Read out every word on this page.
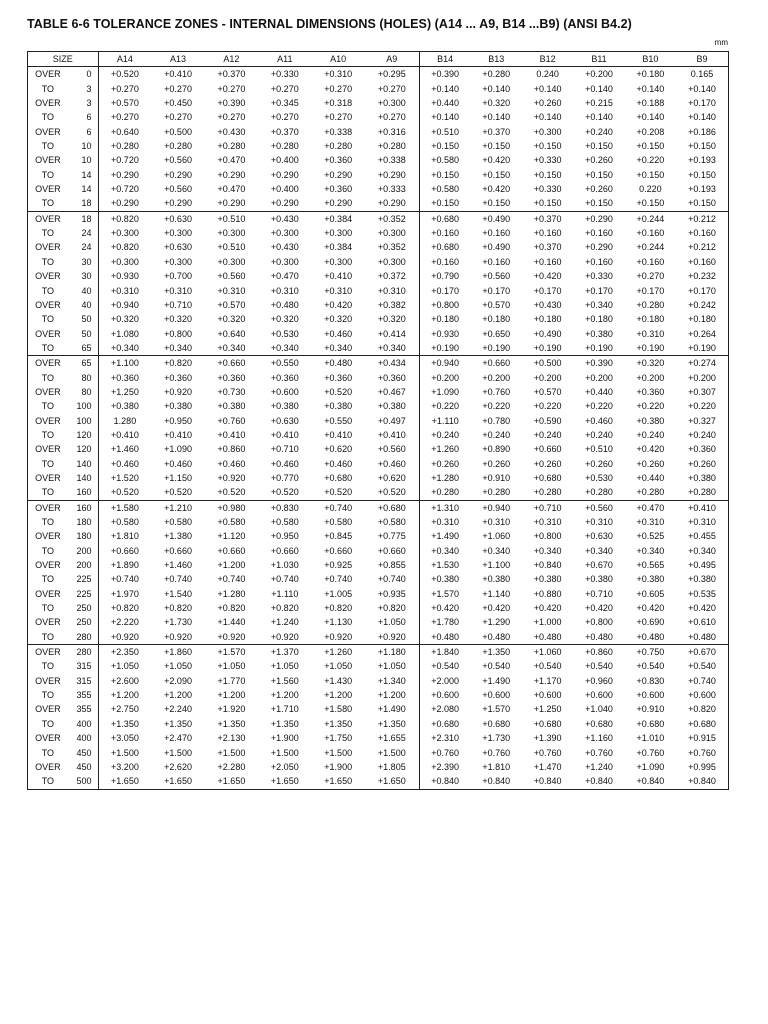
TABLE 6-6 TOLERANCE ZONES - INTERNAL DIMENSIONS (HOLES) (A14 ... A9, B14 ...B9) (ANSI B4.2)
mm
SIZE		A14	A13	A12	A11	A10	A9	B14	B13	B12	B11	B10	B9
OVER	0	+0.520	+0.410	+0.370	+0.330	+0.310	+0.295	+0.390	+0.280	0.240	+0.200	+0.180	0.165
TO	3	+0.270	+0.270	+0.270	+0.270	+0.270	+0.270	+0.140	+0.140	+0.140	+0.140	+0.140	+0.140
OVER	3	+0.570	+0.450	+0.390	+0.345	+0.318	+0.300	+0.440	+0.320	+0.260	+0.215	+0.188	+0.170
TO	6	+0.270	+0.270	+0.270	+0.270	+0.270	+0.270	+0.140	+0.140	+0.140	+0.140	+0.140	+0.140
OVER	6	+0.640	+0.500	+0.430	+0.370	+0.338	+0.316	+0.510	+0.370	+0.300	+0.240	+0.208	+0.186
TO	10	+0.280	+0.280	+0.280	+0.280	+0.280	+0.280	+0.150	+0.150	+0.150	+0.150	+0.150	+0.150
OVER	10	+0.720	+0.560	+0.470	+0.400	+0.360	+0.338	+0.580	+0.420	+0.330	+0.260	+0.220	+0.193
TO	14	+0.290	+0.290	+0.290	+0.290	+0.290	+0.290	+0.150	+0.150	+0.150	+0.150	+0.150	+0.150
OVER	14	+0.720	+0.560	+0.470	+0.400	+0.360	+0.333	+0.580	+0.420	+0.330	+0.260	0.220	+0.193
TO	18	+0.290	+0.290	+0.290	+0.290	+0.290	+0.290	+0.150	+0.150	+0.150	+0.150	+0.150	+0.150
OVER	18	+0.820	+0.630	+0.510	+0.430	+0.384	+0.352	+0.680	+0.490	+0.370	+0.290	+0.244	+0.212
TO	24	+0.300	+0.300	+0.300	+0.300	+0.300	+0.300	+0.160	+0.160	+0.160	+0.160	+0.160	+0.160
OVER	24	+0.820	+0.630	+0.510	+0.430	+0.384	+0.352	+0.680	+0.490	+0.370	+0.290	+0.244	+0.212
TO	30	+0.300	+0.300	+0.300	+0.300	+0.300	+0.300	+0.160	+0.160	+0.160	+0.160	+0.160	+0.160
OVER	30	+0.930	+0.700	+0.560	+0.470	+0.410	+0.372	+0.790	+0.560	+0.420	+0.330	+0.270	+0.232
TO	40	+0.310	+0.310	+0.310	+0.310	+0.310	+0.310	+0.170	+0.170	+0.170	+0.170	+0.170	+0.170
OVER	40	+0.940	+0.710	+0.570	+0.480	+0.420	+0.382	+0.800	+0.570	+0.430	+0.340	+0.280	+0.242
TO	50	+0.320	+0.320	+0.320	+0.320	+0.320	+0.320	+0.180	+0.180	+0.180	+0.180	+0.180	+0.180
OVER	50	+1.080	+0.800	+0.640	+0.530	+0.460	+0.414	+0.930	+0.650	+0.490	+0.380	+0.310	+0.264
TO	65	+0.340	+0.340	+0.340	+0.340	+0.340	+0.340	+0.190	+0.190	+0.190	+0.190	+0.190	+0.190
OVER	65	+1.100	+0.820	+0.660	+0.550	+0.480	+0.434	+0.940	+0.660	+0.500	+0.390	+0.320	+0.274
TO	80	+0.360	+0.360	+0.360	+0.360	+0.360	+0.360	+0.200	+0.200	+0.200	+0.200	+0.200	+0.200
OVER	80	+1.250	+0.920	+0.730	+0.600	+0.520	+0.467	+1.090	+0.760	+0.570	+0.440	+0.360	+0.307
TO	100	+0.380	+0.380	+0.380	+0.380	+0.380	+0.380	+0.220	+0.220	+0.220	+0.220	+0.220	+0.220
OVER	100	1.280	+0.950	+0.760	+0.630	+0.550	+0.497	+1.110	+0.780	+0.590	+0.460	+0.380	+0.327
TO	120	+0.410	+0.410	+0.410	+0.410	+0.410	+0.410	+0.240	+0.240	+0.240	+0.240	+0.240	+0.240
OVER	120	+1.460	+1.090	+0.860	+0.710	+0.620	+0.560	+1.260	+0.890	+0.660	+0.510	+0.420	+0.360
TO	140	+0.460	+0.460	+0.460	+0.460	+0.460	+0.460	+0.260	+0.260	+0.260	+0.260	+0.260	+0.260
OVER	140	+1.520	+1.150	+0.920	+0.770	+0.680	+0.620	+1.280	+0.910	+0.680	+0.530	+0.440	+0.380
TO	160	+0.520	+0.520	+0.520	+0.520	+0.520	+0.520	+0.280	+0.280	+0.280	+0.280	+0.280	+0.280
OVER	160	+1.580	+1.210	+0.980	+0.830	+0.740	+0.680	+1.310	+0.940	+0.710	+0.560	+0.470	+0.410
TO	180	+0.580	+0.580	+0.580	+0.580	+0.580	+0.580	+0.310	+0.310	+0.310	+0.310	+0.310	+0.310
OVER	180	+1.810	+1.380	+1.120	+0.950	+0.845	+0.775	+1.490	+1.060	+0.800	+0.630	+0.525	+0.455
TO	200	+0.660	+0.660	+0.660	+0.660	+0.660	+0.660	+0.340	+0.340	+0.340	+0.340	+0.340	+0.340
OVER	200	+1.890	+1.460	+1.200	+1.030	+0.925	+0.855	+1.530	+1.100	+0.840	+0.670	+0.565	+0.495
TO	225	+0.740	+0.740	+0.740	+0.740	+0.740	+0.740	+0.380	+0.380	+0.380	+0.380	+0.380	+0.380
OVER	225	+1.970	+1.540	+1.280	+1.110	+1.005	+0.935	+1.570	+1.140	+0.880	+0.710	+0.605	+0.535
TO	250	+0.820	+0.820	+0.820	+0.820	+0.820	+0.820	+0.420	+0.420	+0.420	+0.420	+0.420	+0.420
OVER	250	+2.220	+1.730	+1.440	+1.240	+1.130	+1.050	+1.780	+1.290	+1.000	+0.800	+0.690	+0.610
TO	280	+0.920	+0.920	+0.920	+0.920	+0.920	+0.920	+0.480	+0.480	+0.480	+0.480	+0.480	+0.480
OVER	280	+2.350	+1.860	+1.570	+1.370	+1.260	+1.180	+1.840	+1.350	+1.060	+0.860	+0.750	+0.670
TO	315	+1.050	+1.050	+1.050	+1.050	+1.050	+1.050	+0.540	+0.540	+0.540	+0.540	+0.540	+0.540
OVER	315	+2.600	+2.090	+1.770	+1.560	+1.430	+1.340	+2.000	+1.490	+1.170	+0.960	+0.830	+0.740
TO	355	+1.200	+1.200	+1.200	+1.200	+1.200	+1.200	+0.600	+0.600	+0.600	+0.600	+0.600	+0.600
OVER	355	+2.750	+2.240	+1.920	+1.710	+1.580	+1.490	+2.080	+1.570	+1.250	+1.040	+0.910	+0.820
TO	400	+1.350	+1.350	+1.350	+1.350	+1.350	+1.350	+0.680	+0.680	+0.680	+0.680	+0.680	+0.680
OVER	400	+3.050	+2.470	+2.130	+1.900	+1.750	+1.655	+2.310	+1.730	+1.390	+1.160	+1.010	+0.915
TO	450	+1.500	+1.500	+1.500	+1.500	+1.500	+1.500	+0.760	+0.760	+0.760	+0.760	+0.760	+0.760
OVER	450	+3.200	+2.620	+2.280	+2.050	+1.900	+1.805	+2.390	+1.810	+1.470	+1.240	+1.090	+0.995
TO	500	+1.650	+1.650	+1.650	+1.650	+1.650	+1.650	+0.840	+0.840	+0.840	+0.840	+0.840	+0.840
